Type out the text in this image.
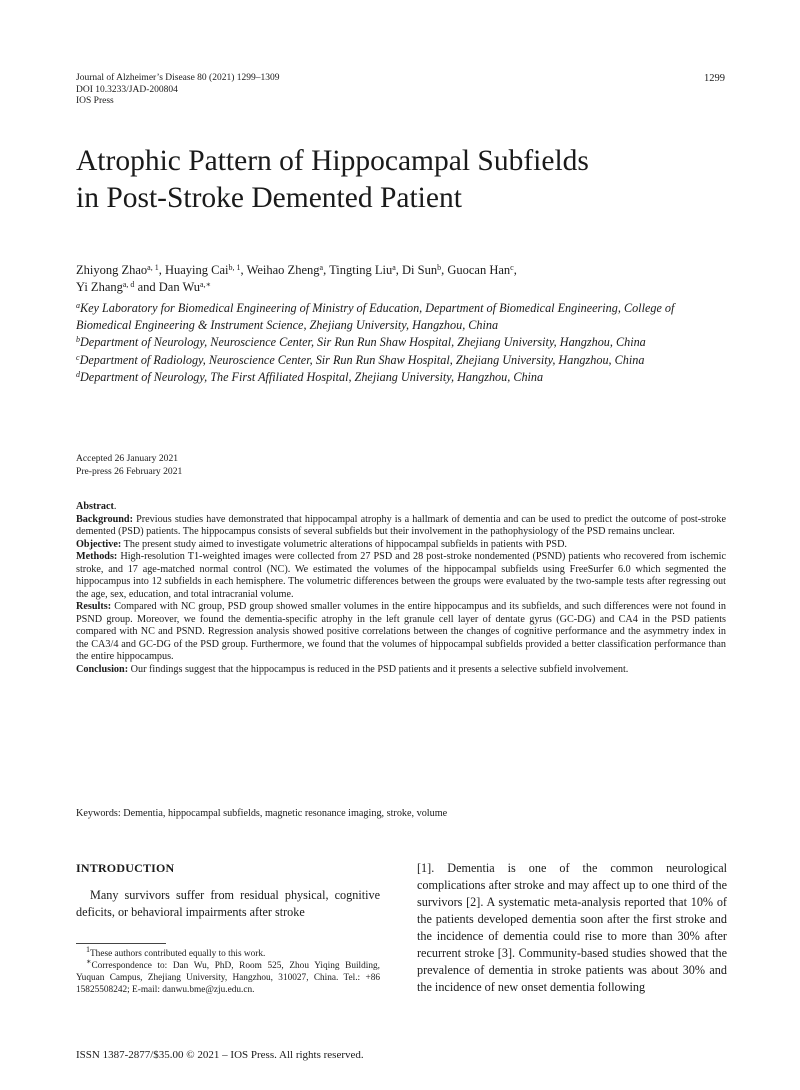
Journal of Alzheimer’s Disease 80 (2021) 1299–1309
DOI 10.3233/JAD-200804
IOS Press
1299
Atrophic Pattern of Hippocampal Subfields
in Post-Stroke Demented Patient
Zhiyong Zhao$^{a, 1}$, Huaying Cai$^{b, 1}$, Weihao Zheng$^a$, Tingting Liu$^a$, Di Sun$^b$, Guocan Han$^c$,
Yi Zhang$^{a, d}$ and Dan $Wu^{a,∗}$

$^a$Key Laboratory for Biomedical Engineering of Ministry of Education, Department of Biomedical Engineering, College of Biomedical Engineering & Instrument Science, Zhejiang University, Hangzhou, China

$^b$Department of Neurology, Neuroscience Center, Sir Run Run Shaw Hospital, Zhejiang University, Hangzhou, China

$^c$Department of Radiology, Neuroscience Center, Sir Run Run Shaw Hospital, Zhejiang University, Hangzhou, China

$^d$Department of Neurology, The First Affiliated Hospital, Zhejiang University, Hangzhou, China

Accepted 26 January 2021
Pre-press 26 February 2021

Abstract.

Background: Previous studies have demonstrated that hippocampal atrophy is a hallmark of dementia and can be used to predict the outcome of post-stroke demented (PSD) patients. The hippocampus consists of several subfields but their involvement in the pathophysiology of the PSD remains unclear.

Objective: The present study aimed to investigate volumetric alterations of hippocampal subfields in patients with PSD.

Methods: High-resolution T1-weighted images were collected from 27 PSD and 28 post-stroke nondemented (PSND) patients who recovered from ischemic stroke, and 17 age-matched normal control (NC). We estimated the volumes of the hippocampal subfields using FreeSurfer 6.0 which segmented the hippocampus into 12 subfields in each hemisphere. The volumetric differences between the groups were evaluated by the two-sample tests after regressing out the age, sex, education, and total intracranial volume.

Results: Compared with NC group, PSD group showed smaller volumes in the entire hippocampus and its subfields, and such differences were not found in PSND group. Moreover, we found the dementia-specific atrophy in the left granule cell layer of dentate gyrus (GC-DG) and CA4 in the PSD patients compared with NC and PSND. Regression analysis showed positive correlations between the changes of cognitive performance and the asymmetry index in the CA3/4 and GC-DG of the PSD group. Furthermore, we found that the volumes of hippocampal subfields provided a better classification performance than the entire hippocampus.

Conclusion: Our findings suggest that the hippocampus is reduced in the PSD patients and it presents a selective subfield involvement.

Keywords: Dementia, hippocampal subfields, magnetic resonance imaging, stroke, volume
INTRODUCTION

Many survivors suffer from residual physical, cognitive deficits, or behavioral impairments after stroke

$^1$These authors contributed equally to this work.

∗Correspondence to: Dan Wu, PhD, Room 525, Zhou Yiqing Building, Yuquan Campus, Zhejiang University, Hangzhou, 310027, China. Tel.: +86 15825508242; E-mail: danwu.bme@zju.edu.cn.

[1]. Dementia is one of the common neurological complications after stroke and may affect up to one third of the survivors [2]. A systematic meta-analysis reported that 10% of the patients developed dementia soon after the first stroke and the incidence of dementia could rise to more than 30% after recurrent stroke [3]. Community-based studies showed that the prevalence of dementia in stroke patients was about 30% and the incidence of new onset dementia following

ISSN 1387-2877/$35.00 © 2021 – IOS Press. All rights reserved.
